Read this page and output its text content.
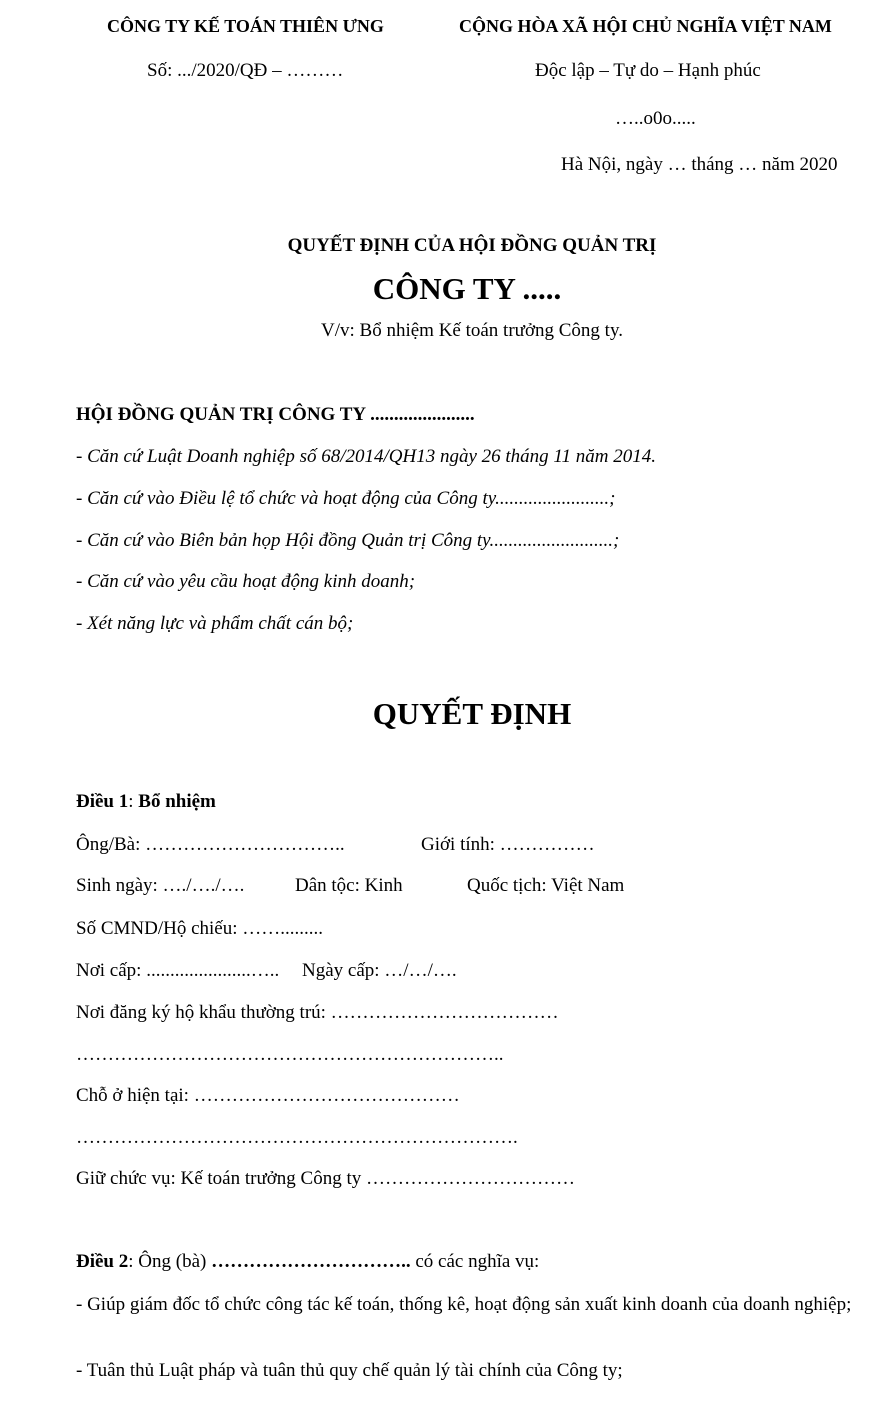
CÔNG TY KẾ TOÁN THIÊN ƯNG
Số: .../2020/QĐ – ………
CỘNG HÒA XÃ HỘI CHỦ NGHĨA VIỆT NAM
Độc lập – Tự do – Hạnh phúc
…..o0o.....
Hà Nội, ngày … tháng … năm 2020
QUYẾT ĐỊNH CỦA HỘI ĐỒNG QUẢN TRỊ
CÔNG TY .....
V/v: Bổ nhiệm Kế toán trưởng Công ty.
HỘI ĐỒNG QUẢN TRỊ CÔNG TY ......................
- Căn cứ Luật Doanh nghiệp số 68/2014/QH13 ngày 26 tháng 11 năm 2014.
- Căn cứ vào Điều lệ tổ chức và hoạt động của Công ty........................;
- Căn cứ vào Biên bản họp Hội đồng Quản trị Công ty..........................;
- Căn cứ vào yêu cầu hoạt động kinh doanh;
- Xét năng lực và phẩm chất cán bộ;
QUYẾT ĐỊNH
Điều 1: Bổ nhiệm
Ông/Bà: …………………………..	Giới tính: ……………
Sinh ngày: …./…./….	Dân tộc: Kinh	Quốc tịch: Việt Nam
Số CMND/Hộ chiếu: …….........
Nơi cấp: ......................….. Ngày cấp: …/…/….
Nơi đăng ký hộ khẩu thường trú: ………………………………
…………………………………………………………..
Chỗ ở hiện tại: ……………………………………
…………………………………………………………….
Giữ chức vụ: Kế toán trưởng Công ty ……………………………
Điều 2: Ông (bà) ………………………….. có các nghĩa vụ:
- Giúp giám đốc tổ chức công tác kế toán, thống kê, hoạt động sản xuất kinh doanh của doanh nghiệp;
- Tuân thủ Luật pháp và tuân thủ quy chế quản lý tài chính của Công ty;
